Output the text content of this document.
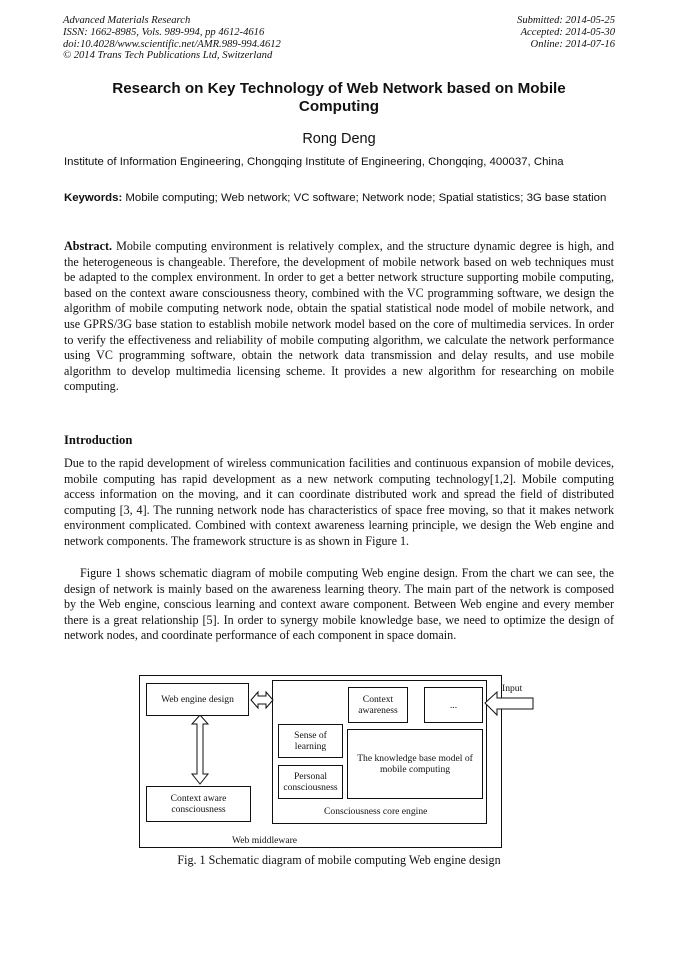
Advanced Materials Research
ISSN: 1662-8985, Vols. 989-994, pp 4612-4616
doi:10.4028/www.scientific.net/AMR.989-994.4612
© 2014 Trans Tech Publications Ltd, Switzerland
Submitted: 2014-05-25
Accepted: 2014-05-30
Online: 2014-07-16
Research on Key Technology of Web Network based on Mobile Computing
Rong Deng
Institute of Information Engineering, Chongqing Institute of Engineering, Chongqing, 400037, China
Keywords: Mobile computing; Web network; VC software; Network node; Spatial statistics; 3G base station
Abstract. Mobile computing environment is relatively complex, and the structure dynamic degree is high, and the heterogeneous is changeable. Therefore, the development of mobile network based on web techniques must be adapted to the complex environment. In order to get a better network structure supporting mobile computing, based on the context aware consciousness theory, combined with the VC programming software, we design the algorithm of mobile computing network node, obtain the spatial statistical node model of mobile network, and use GPRS/3G base station to establish mobile network model based on the core of multimedia services. In order to verify the effectiveness and reliability of mobile computing algorithm, we calculate the network performance using VC programming software, obtain the network data transmission and delay results, and use mobile algorithm to develop multimedia licensing scheme. It provides a new algorithm for researching on mobile computing.
Introduction
Due to the rapid development of wireless communication facilities and continuous expansion of mobile devices, mobile computing has rapid development as a new network computing technology[1,2]. Mobile computing access information on the moving, and it can coordinate distributed work and spread the field of distributed computing [3, 4]. The running network node has characteristics of space free moving, so that it makes network environment complicated. Combined with context awareness learning principle, we design the Web engine and network components. The framework structure is as shown in Figure 1.
Figure 1 shows schematic diagram of mobile computing Web engine design. From the chart we can see, the design of network is mainly based on the awareness learning theory. The main part of the network is composed by the Web engine, conscious learning and context aware component. Between Web engine and every member there is a great relationship [5]. In order to synergy mobile knowledge base, we need to optimize the design of network nodes, and coordinate performance of each component in space domain.
Web engine design
Context aware consciousness
Context awareness	...
Sense of learning
Personal consciousness
The knowledge base model of mobile computing
Consciousness core engine
Web middleware
Input
Fig. 1 Schematic diagram of mobile computing Web engine design
